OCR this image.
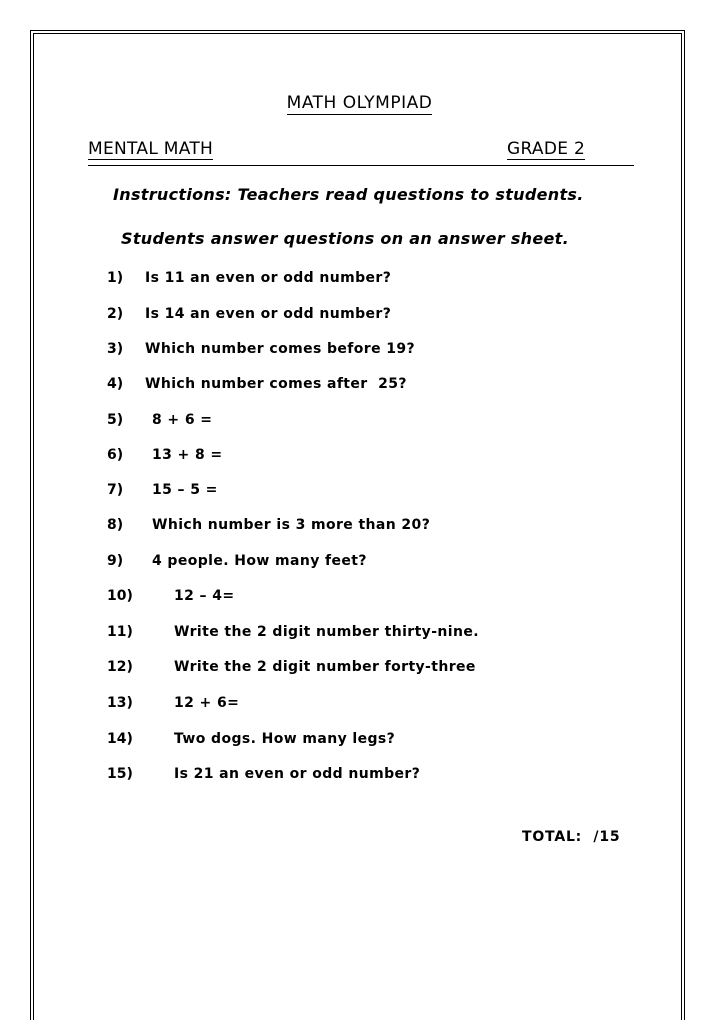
MATH OLYMPIAD
MENTAL MATH	GRADE 2
Instructions: Teachers read questions to students.
Students answer questions on an answer sheet.
1) Is 11 an even or odd number?
2) Is 14 an even or odd number?
3) Which number comes before 19?
4) Which number comes after  25?
5) 8 + 6 =
6) 13 + 8 =
7) 15 – 5 =
8) Which number is 3 more than 20?
9) 4 people. How many feet?
10)	12 – 4=
11)	Write the 2 digit number thirty-nine.
12)	Write the 2 digit number forty-three
13)	12 + 6=
14)	Two dogs. How many legs?
15)	Is 21 an even or odd number?
TOTAL:  /15
